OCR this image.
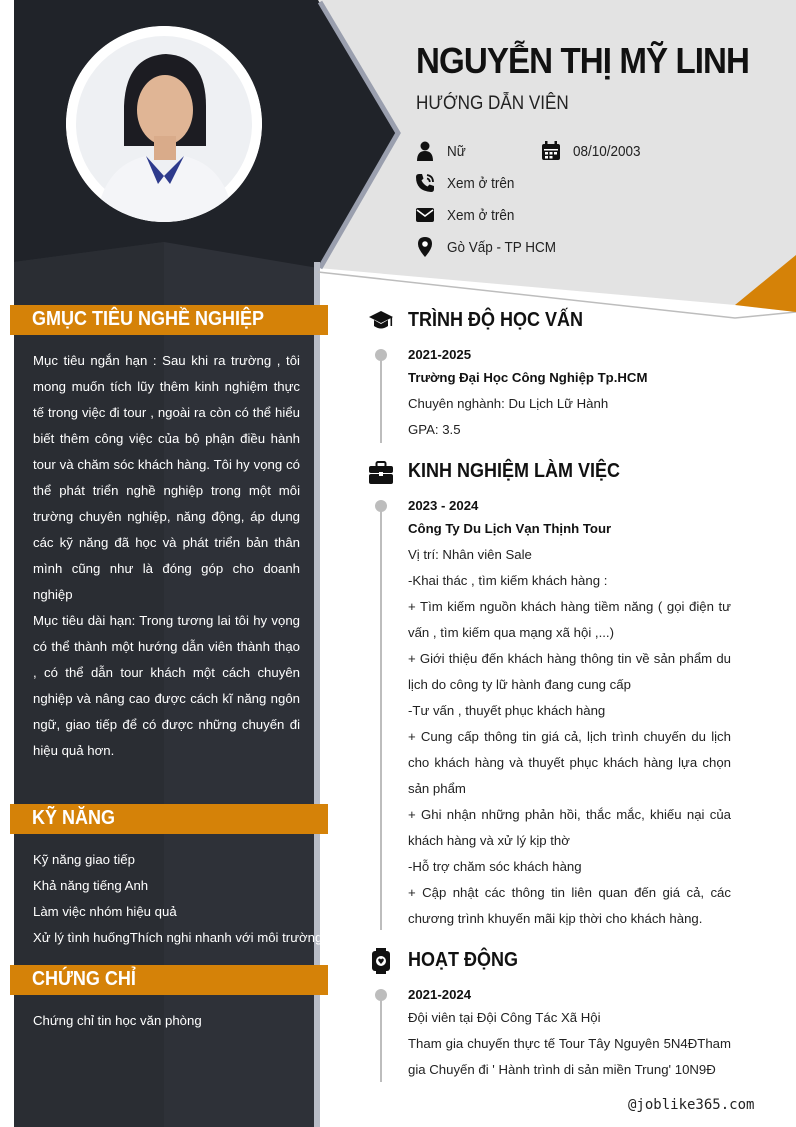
NGUYỄN THỊ MỸ LINH
HƯỚNG DẪN VIÊN
Nữ	08/10/2003
Xem ở trên
Xem ở trên
Gò Vấp - TP HCM
GMỤC TIÊU NGHỀ NGHIỆP
Mục tiêu ngắn hạn : Sau khi ra trường , tôi mong muốn tích lũy thêm kinh nghiệm thực tế trong việc đi tour , ngoài ra còn có thể hiểu biết thêm công việc của bộ phận điều hành tour và chăm sóc khách hàng. Tôi hy vọng có thể phát triển nghề nghiệp trong một môi trường chuyên nghiệp, năng động, áp dụng các kỹ năng đã học và phát triển bản thân mình cũng như là đóng góp cho doanh nghiệp
Mục tiêu dài hạn: Trong tương lai tôi hy vọng có thể thành một hướng dẫn viên thành thạo , có thể dẫn tour khách một cách chuyên nghiệp và nâng cao được cách kĩ năng ngôn ngữ, giao tiếp để có được những chuyến đi hiệu quả hơn.
KỸ NĂNG
Kỹ năng giao tiếp
Khả năng tiếng Anh
Làm việc nhóm hiệu quả
Xử lý tình huốngThích nghi nhanh với môi trường
CHỨNG CHỈ
Chứng chỉ tin học văn phòng
TRÌNH ĐỘ HỌC VẤN
2021-2025
Trường Đại Học Công Nghiệp Tp.HCM
Chuyên nghành: Du Lịch Lữ Hành
GPA: 3.5
KINH NGHIỆM LÀM VIỆC
2023 - 2024
Công Ty Du Lịch Vạn Thịnh Tour
Vị trí: Nhân viên Sale
-Khai thác , tìm kiếm khách hàng :
+ Tìm kiếm nguồn khách hàng tiềm năng ( gọi điện tư vấn , tìm kiếm qua mạng xã hội ,...)
+ Giới thiệu đến khách hàng thông tin về sản phẩm du lịch do công ty lữ hành đang cung cấp
-Tư vấn , thuyết phục khách hàng
+ Cung cấp thông tin giá cả, lịch trình chuyến du lịch cho khách hàng và thuyết phục khách hàng lựa chọn sản phẩm
+ Ghi nhận những phản hồi, thắc mắc, khiếu nại của khách hàng và xử lý kịp thờ
-Hỗ trợ chăm sóc khách hàng
+ Cập nhật các thông tin liên quan đến giá cả, các chương trình khuyến mãi kịp thời cho khách hàng.
HOẠT ĐỘNG
2021-2024
Đội viên tại Đội Công Tác Xã Hội
Tham gia chuyến thực tế Tour Tây Nguyên 5N4ĐTham gia Chuyến đi ' Hành trình di sản miền Trung' 10N9Đ
@joblike365.com
